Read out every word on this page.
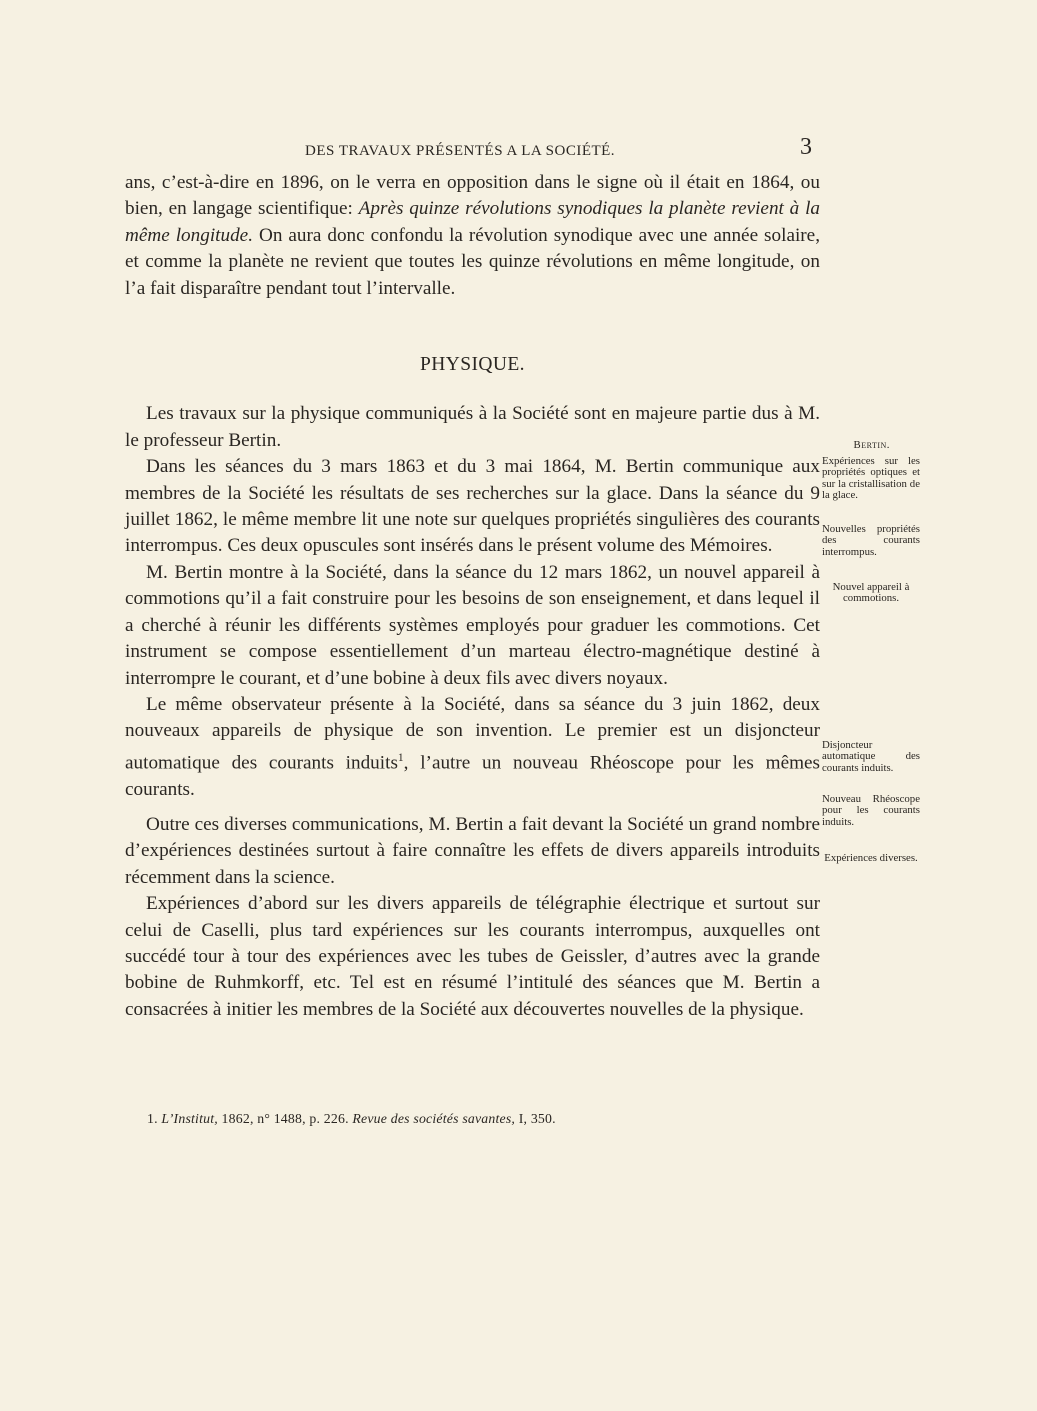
DES TRAVAUX PRÉSENTÉS A LA SOCIÉTÉ.	3

ans, c’est-à-dire en 1896, on le verra en opposition dans le signe où il était en 1864, ou bien, en langage scientifique: Après quinze révolutions synodiques la planète revient à la même longitude. On aura donc confondu la révolution synodique avec une année solaire, et comme la planète ne revient que toutes les quinze révolutions en même longitude, on l’a fait disparaître pendant tout l’intervalle.

PHYSIQUE.

Les travaux sur la physique communiqués à la Société sont en majeure partie dus à M. le professeur Bertin.

Dans les séances du 3 mars 1863 et du 3 mai 1864, M. Bertin communique aux membres de la Société les résultats de ses recherches sur la glace. Dans la séance du 9 juillet 1862, le même membre lit une note sur quelques propriétés singulières des courants interrompus. Ces deux opuscules sont insérés dans le présent volume des Mémoires.

M. Bertin montre à la Société, dans la séance du 12 mars 1862, un nouvel appareil à commotions qu’il a fait construire pour les besoins de son enseignement, et dans lequel il a cherché à réunir les différents systèmes employés pour graduer les commotions. Cet instrument se compose essentiellement d’un marteau électro-magnétique destiné à interrompre le courant, et d’une bobine à deux fils avec divers noyaux.

Le même observateur présente à la Société, dans sa séance du 3 juin 1862, deux nouveaux appareils de physique de son invention. Le premier est un disjoncteur automatique des courants induits$^1$, l’autre un nouveau Rhéoscope pour les mêmes courants.

Outre ces diverses communications, M. Bertin a fait devant la Société un grand nombre d’expériences destinées surtout à faire connaître les effets de divers appareils introduits récemment dans la science.

Expériences d’abord sur les divers appareils de télégraphie électrique et surtout sur celui de Caselli, plus tard expériences sur les courants interrompus, auxquelles ont succédé tour à tour des expériences avec les tubes de Geissler, d’autres avec la grande bobine de Ruhmkorff, etc. Tel est en résumé l’intitulé des séances que M. Bertin a consacrées à initier les membres de la Société aux découvertes nouvelles de la physique.

Bertin.
Expériences sur les propriétés optiques et sur la cristallisation de la glace.
Nouvelles propriétés des courants interrompus.
Nouvel appareil à commotions.
Disjoncteur automatique des courants induits.
Nouveau Rhéoscope pour les courants induits.
Expériences diverses.
1. L’Institut, 1862, n° 1488, p. 226. Revue des sociétés savantes, I, 350.
